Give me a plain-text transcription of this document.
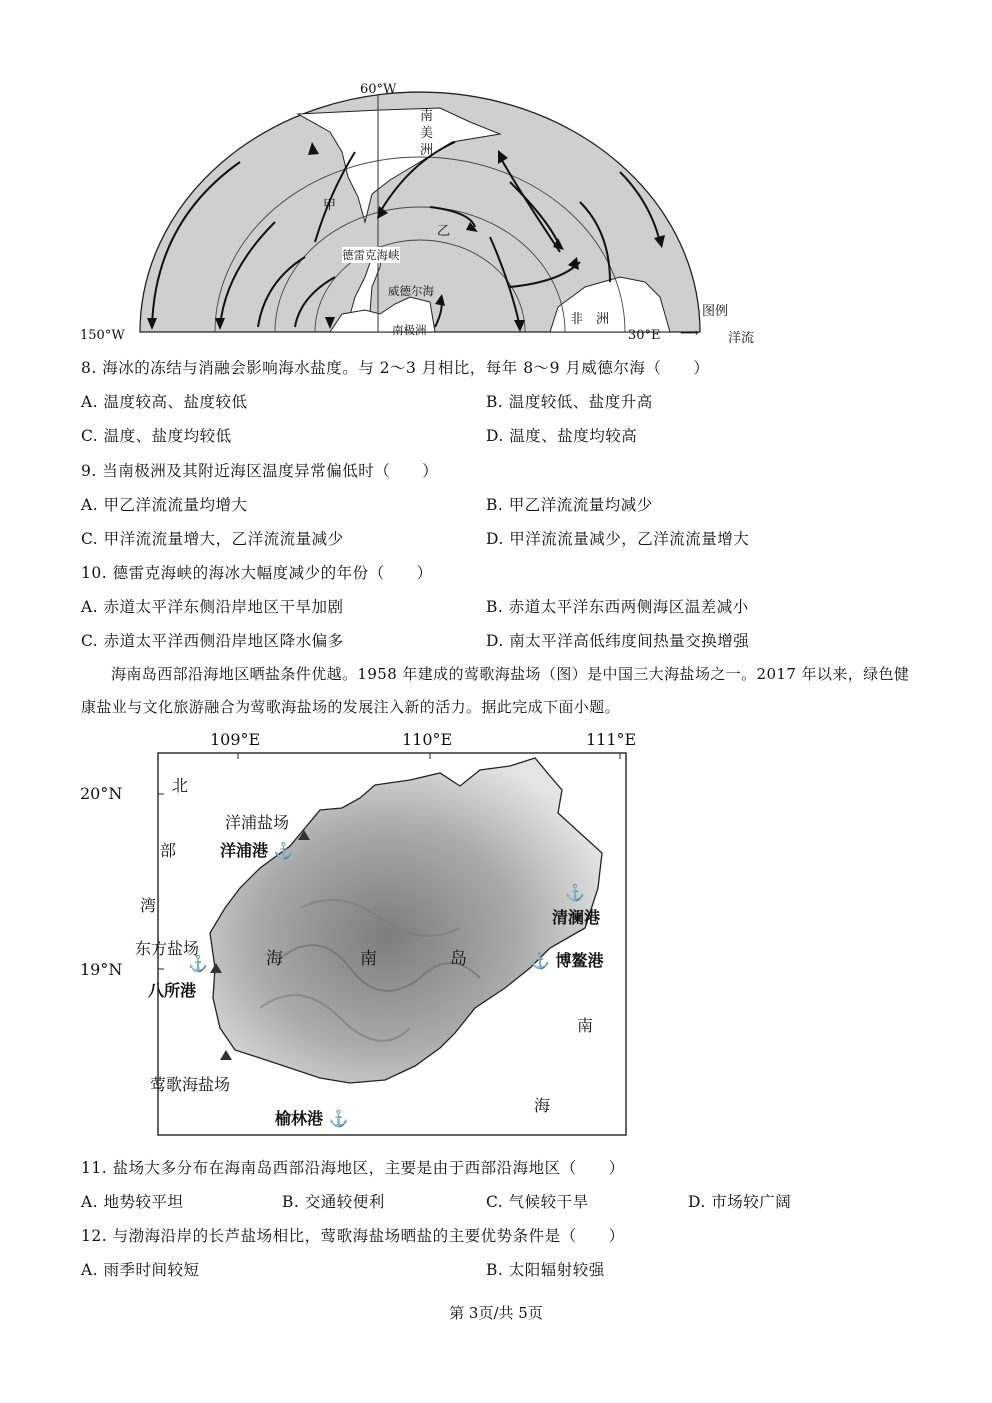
60°W
150°W	30°E
南
美
洲
甲
乙
德雷克海峡
威德尔海
南极洲
非　洲
图例
⟶ 洋流
8. 海冰的冻结与消融会影响海水盐度。与 2～3 月相比，每年 8～9 月威德尔海（　　）
A. 温度较高、盐度较低	B. 温度较低、盐度升高
C. 温度、盐度均较低	D. 温度、盐度均较高
9. 当南极洲及其附近海区温度异常偏低时（　　）
A. 甲乙洋流流量均增大	B. 甲乙洋流流量均减少
C. 甲洋流流量增大，乙洋流流量减少	D. 甲洋流流量减少，乙洋流流量增大
10. 德雷克海峡的海冰大幅度减少的年份（　　）
A. 赤道太平洋东侧沿岸地区干旱加剧	B. 赤道太平洋东西两侧海区温差减小
C. 赤道太平洋西侧沿岸地区降水偏多	D. 南太平洋高低纬度间热量交换增强
海南岛西部沿海地区晒盐条件优越。1958 年建成的莺歌海盐场（图）是中国三大海盐场之一。2017 年以来，绿色健康盐业与文化旅游融合为莺歌海盐场的发展注入新的活力。据此完成下面小题。
109°E	110°E	111°E
20°N
19°N
北
部
湾
洋浦盐场
洋浦港 ⚓
东方盐场
⚓
八所港
莺歌海盐场
榆林港 ⚓
⚓
清澜港
⚓ 博鳌港
海	南	岛
南
海
11. 盐场大多分布在海南岛西部沿海地区，主要是由于西部沿海地区（　　）
A. 地势较平坦	B. 交通较便利	C. 气候较干旱	D. 市场较广阔
12. 与渤海沿岸的长芦盐场相比，莺歌海盐场晒盐的主要优势条件是（　　）
A. 雨季时间较短	B. 太阳辐射较强
第 3页/共 5页
